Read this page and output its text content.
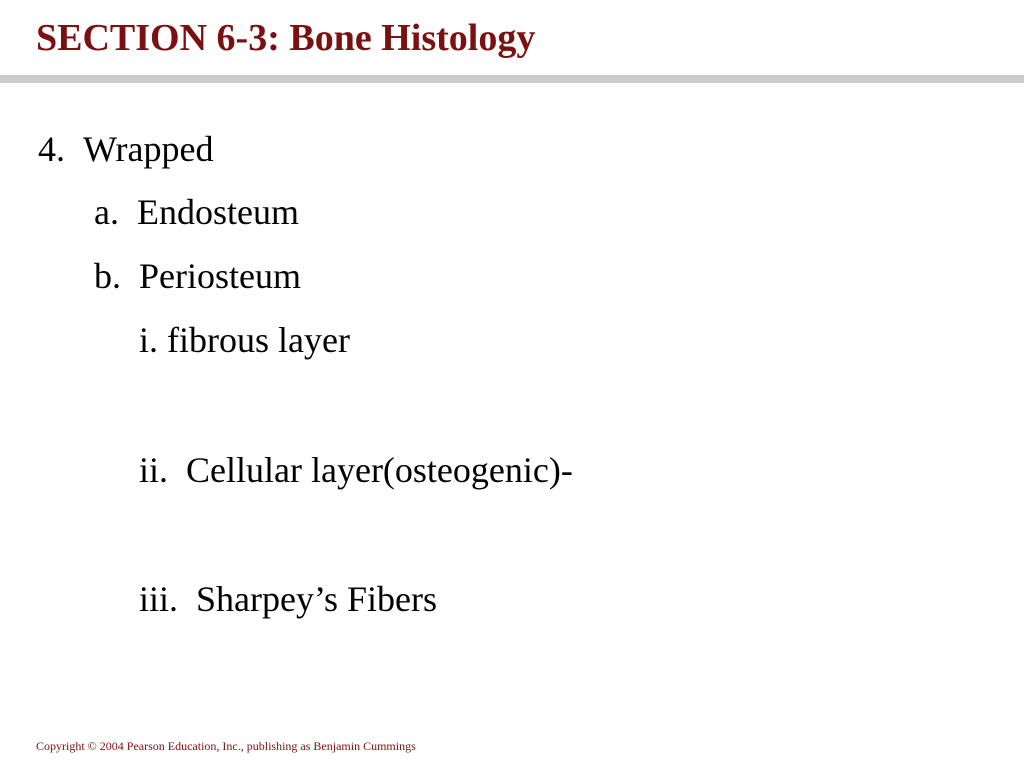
SECTION 6-3: Bone Histology
4. Wrapped
a. Endosteum
b. Periosteum
i. fibrous layer
ii. Cellular layer(osteogenic)-
iii. Sharpey’s Fibers
Copyright © 2004 Pearson Education, Inc., publishing as Benjamin Cummings
